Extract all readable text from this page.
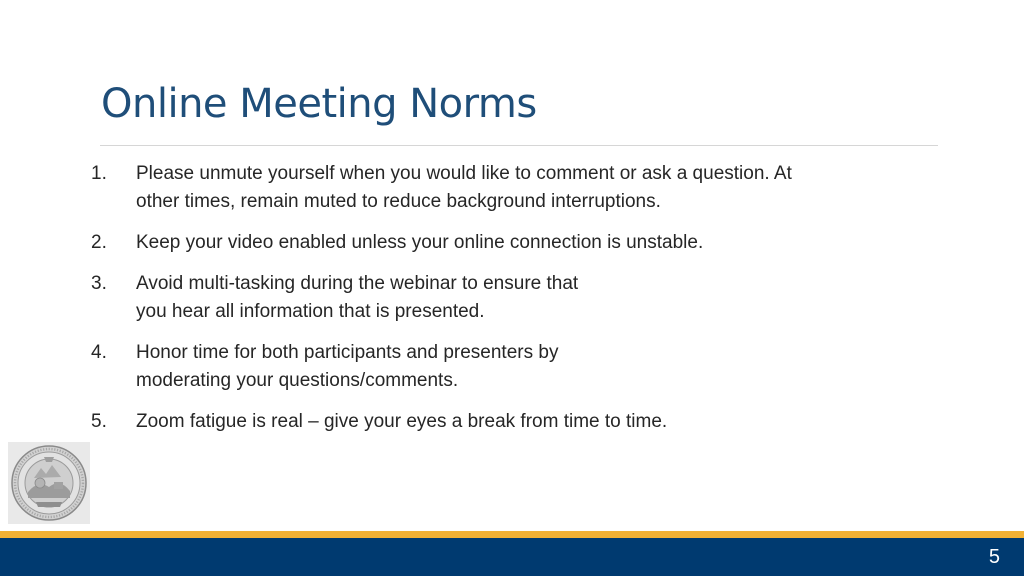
Online Meeting Norms
1. Please unmute yourself when you would like to comment or ask a question. At
other times, remain muted to reduce background interruptions.
2. Keep your video enabled unless your online connection is unstable.
3. Avoid multi-tasking during the webinar to ensure that
you hear all information that is presented.
4. Honor time for both participants and presenters by
moderating your questions/comments.
5. Zoom fatigue is real – give your eyes a break from time to time.
5
